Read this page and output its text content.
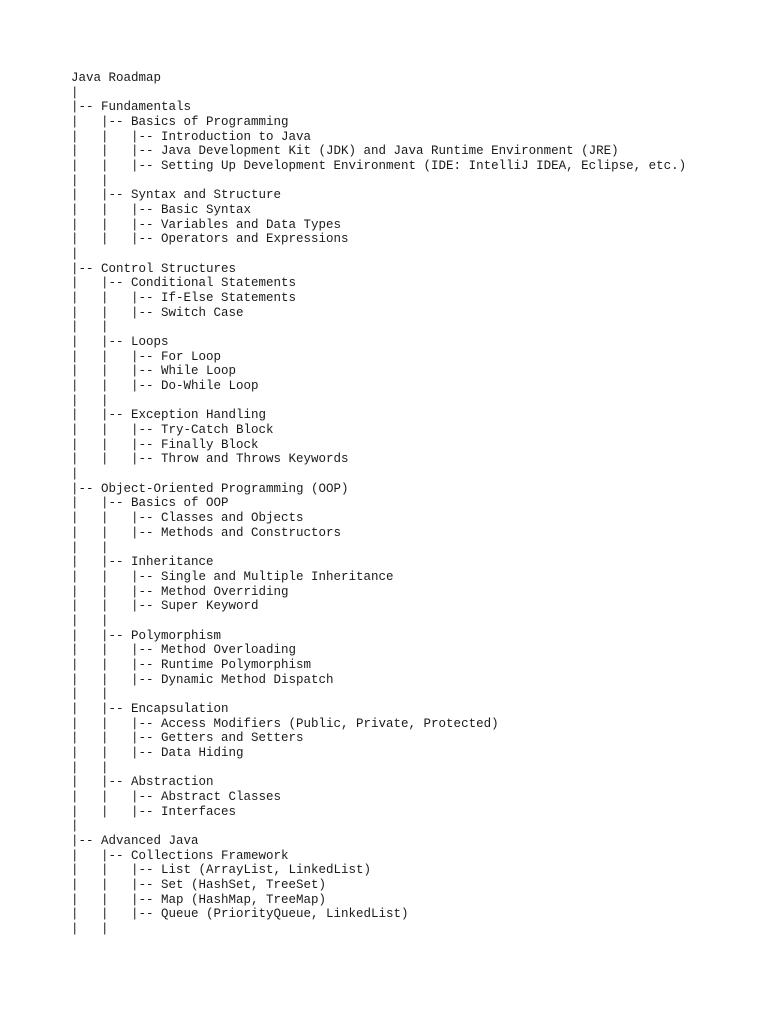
Java Roadmap
|
|-- Fundamentals
|   |-- Basics of Programming
|   |   |-- Introduction to Java
|   |   |-- Java Development Kit (JDK) and Java Runtime Environment (JRE)
|   |   |-- Setting Up Development Environment (IDE: IntelliJ IDEA, Eclipse, etc.)
|   |
|   |-- Syntax and Structure
|   |   |-- Basic Syntax
|   |   |-- Variables and Data Types
|   |   |-- Operators and Expressions
|
|-- Control Structures
|   |-- Conditional Statements
|   |   |-- If-Else Statements
|   |   |-- Switch Case
|   |
|   |-- Loops
|   |   |-- For Loop
|   |   |-- While Loop
|   |   |-- Do-While Loop
|   |
|   |-- Exception Handling
|   |   |-- Try-Catch Block
|   |   |-- Finally Block
|   |   |-- Throw and Throws Keywords
|
|-- Object-Oriented Programming (OOP)
|   |-- Basics of OOP
|   |   |-- Classes and Objects
|   |   |-- Methods and Constructors
|   |
|   |-- Inheritance
|   |   |-- Single and Multiple Inheritance
|   |   |-- Method Overriding
|   |   |-- Super Keyword
|   |
|   |-- Polymorphism
|   |   |-- Method Overloading
|   |   |-- Runtime Polymorphism
|   |   |-- Dynamic Method Dispatch
|   |
|   |-- Encapsulation
|   |   |-- Access Modifiers (Public, Private, Protected)
|   |   |-- Getters and Setters
|   |   |-- Data Hiding
|   |
|   |-- Abstraction
|   |   |-- Abstract Classes
|   |   |-- Interfaces
|
|-- Advanced Java
|   |-- Collections Framework
|   |   |-- List (ArrayList, LinkedList)
|   |   |-- Set (HashSet, TreeSet)
|   |   |-- Map (HashMap, TreeMap)
|   |   |-- Queue (PriorityQueue, LinkedList)
|   |
